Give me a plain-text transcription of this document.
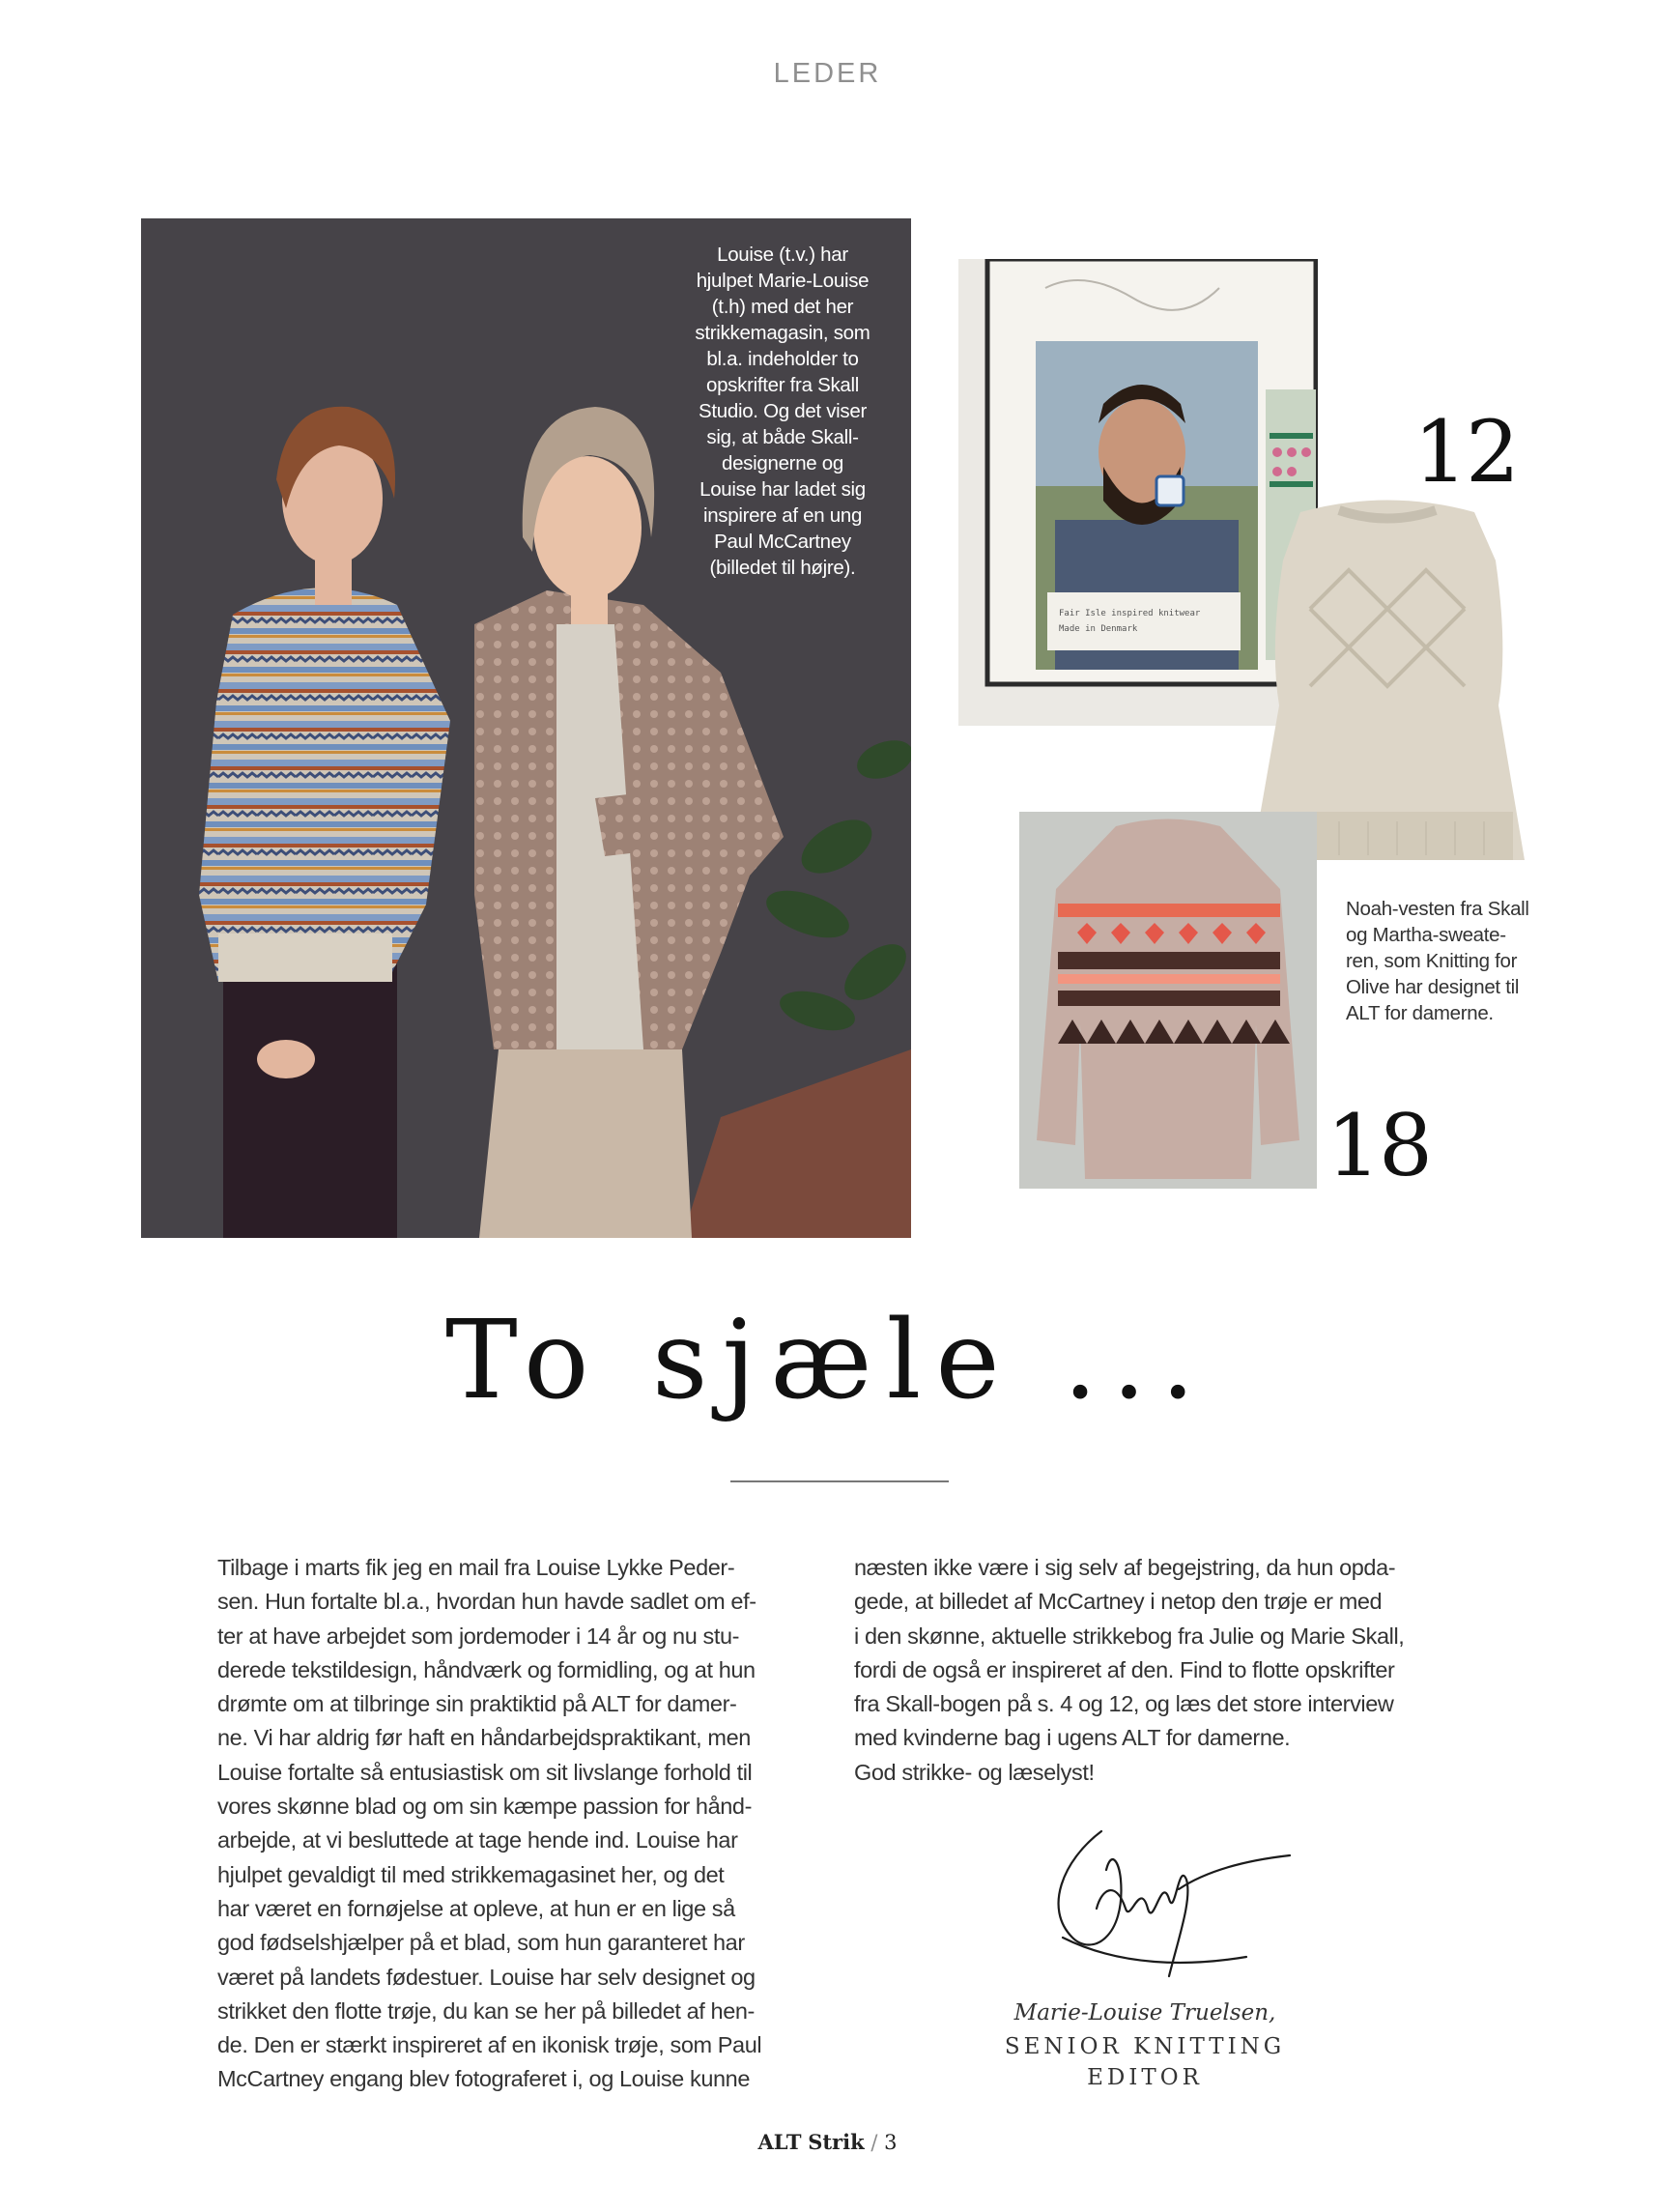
LEDER
Louise (t.v.) har
hjulpet Marie-Louise
(t.h) med det her
strikkemagasin, som
bl.a. indeholder to
opskrifter fra Skall
Studio. Og det viser
sig, at både Skall-
designerne og
Louise har ladet sig
inspirere af en ung
Paul McCartney
(billedet til højre).
Fair Isle inspired knitwear
Made in Denmark
12
18
Noah-vesten fra Skall
og Martha-sweate-
ren, som Knitting for
Olive har designet til
ALT for damerne.
To sjæle ...
Tilbage i marts fik jeg en mail fra Louise Lykke Peder-
sen. Hun fortalte bl.a., hvordan hun havde sadlet om ef-
ter at have arbejdet som jordemoder i 14 år og nu stu-
derede tekstildesign, håndværk og formidling, og at hun
drømte om at tilbringe sin praktiktid på ALT for damer-
ne. Vi har aldrig før haft en håndarbejdspraktikant, men
Louise fortalte så entusiastisk om sit livslange forhold til
vores skønne blad og om sin kæmpe passion for hånd-
arbejde, at vi besluttede at tage hende ind. Louise har
hjulpet gevaldigt til med strikkemagasinet her, og det
har været en fornøjelse at opleve, at hun er en lige så
god fødselshjælper på et blad, som hun garanteret har
været på landets fødestuer. Louise har selv designet og
strikket den flotte trøje, du kan se her på billedet af hen-
de. Den er stærkt inspireret af en ikonisk trøje, som Paul
McCartney engang blev fotograferet i, og Louise kunne
næsten ikke være i sig selv af begejstring, da hun opda-
gede, at billedet af McCartney i netop den trøje er med
i den skønne, aktuelle strikkebog fra Julie og Marie Skall,
fordi de også er inspireret af den. Find to flotte opskrifter
fra Skall-bogen på s. 4 og 12, og læs det store interview
med kvinderne bag i ugens ALT for damerne.
God strikke- og læselyst!
Marie-Louise Truelsen,
SENIOR KNITTING
EDITOR
ALT Strik / 3
